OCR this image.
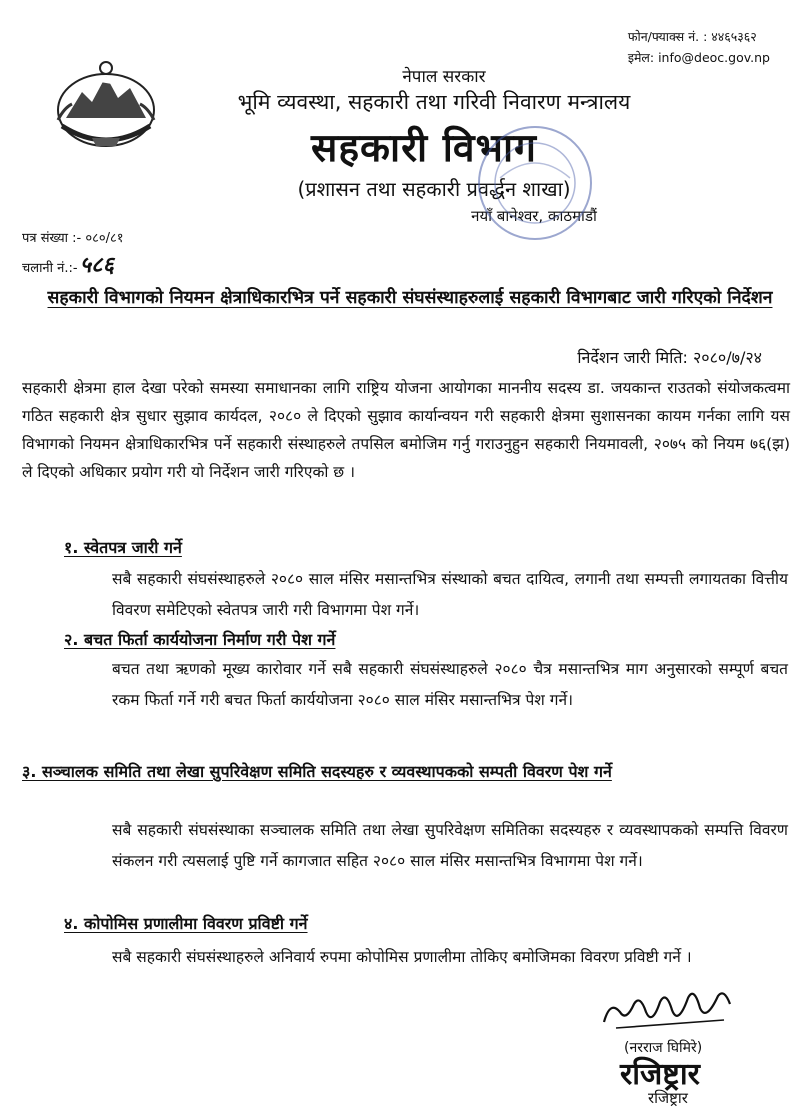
फोन/फ्याक्स नं. : ४४६५३६२
इमेल: info@deoc.gov.np
नेपाल सरकार
भूमि व्यवस्था, सहकारी तथा गरिवी निवारण मन्त्रालय
सहकारी विभाग
(प्रशासन तथा सहकारी प्रवर्द्धन शाखा)
नयाँ बानेश्वर, काठमाडौं
पत्र संख्या :- ०८०/८१
चलानी नं.:-५८६
सहकारी विभागको नियमन क्षेत्राधिकारभित्र पर्ने सहकारी संघसंस्थाहरुलाई सहकारी विभागबाट जारी गरिएको निर्देशन
निर्देशन जारी मिति: २०८०/७/२४
सहकारी क्षेत्रमा हाल देखा परेको समस्या समाधानका लागि राष्ट्रिय योजना आयोगका माननीय सदस्य डा. जयकान्त राउतको संयोजकत्वमा गठित सहकारी क्षेत्र सुधार सुझाव कार्यदल, २०८० ले दिएको सुझाव कार्यान्वयन गरी सहकारी क्षेत्रमा सुशासनका कायम गर्नका लागि यस विभागको नियमन क्षेत्राधिकारभित्र पर्ने सहकारी संस्थाहरुले तपसिल बमोजिम गर्नु गराउनुहुन सहकारी नियमावली, २०७५ को नियम ७६(झ) ले दिएको अधिकार प्रयोग गरी यो निर्देशन जारी गरिएको छ ।
१. स्वेतपत्र जारी गर्ने
सबै सहकारी संघसंस्थाहरुले २०८० साल मंसिर मसान्तभित्र संस्थाको बचत दायित्व, लगानी तथा सम्पत्ती लगायतका वित्तीय विवरण समेटिएको स्वेतपत्र जारी गरी विभागमा पेश गर्ने।
२. बचत फिर्ता कार्ययोजना निर्माण गरी पेश गर्ने
बचत तथा ऋणको मूख्य कारोवार गर्ने सबै सहकारी संघसंस्थाहरुले २०८० चैत्र मसान्तभित्र माग अनुसारको सम्पूर्ण बचत रकम फिर्ता गर्ने गरी बचत फिर्ता कार्ययोजना २०८० साल मंसिर मसान्तभित्र पेश गर्ने।
३. सञ्चालक समिति तथा लेखा सुपरिवेक्षण समिति सदस्यहरु र व्यवस्थापकको सम्पती विवरण पेश गर्ने
सबै सहकारी संघसंस्थाका सञ्चालक समिति तथा लेखा सुपरिवेक्षण समितिका सदस्यहरु र व्यवस्थापकको सम्पत्ति विवरण संकलन गरी त्यसलाई पुष्टि गर्ने कागजात सहित २०८० साल मंसिर मसान्तभित्र विभागमा पेश गर्ने।
४. कोपोमिस प्रणालीमा विवरण प्रविष्टी गर्ने
सबै सहकारी संघसंस्थाहरुले अनिवार्य रुपमा कोपोमिस प्रणालीमा तोकिए बमोजिमका विवरण प्रविष्टी गर्ने ।
(नरराज घिमिरे)
रजिष्ट्रार
रजिष्ट्रार
